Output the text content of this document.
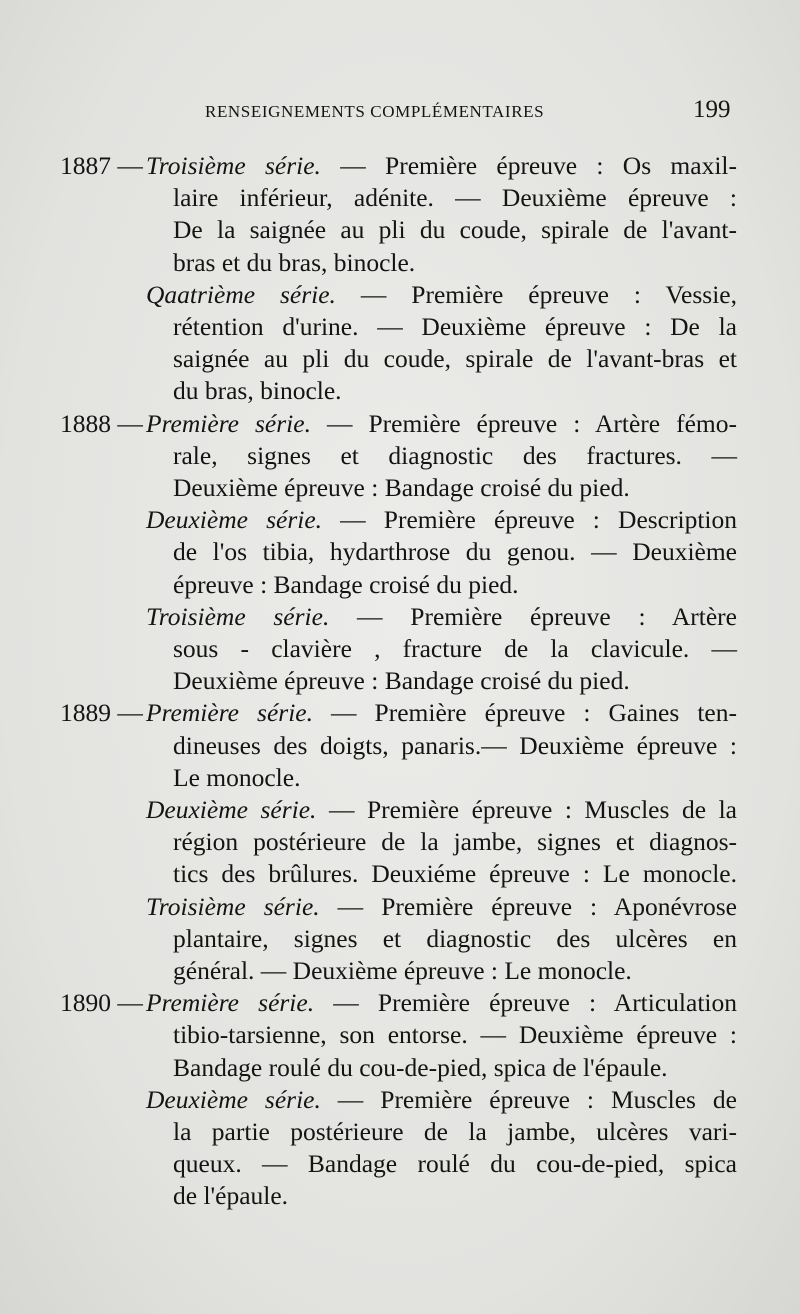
RENSEIGNEMENTS COMPLÉMENTAIRES	199
1887 — Troisième série. — Première épreuve : Os maxil-
laire inférieur, adénite. — Deuxième épreuve :
De la saignée au pli du coude, spirale de l'avant-
bras et du bras, binocle.
Qaatrième série. — Première épreuve : Vessie,
rétention d'urine. — Deuxième épreuve : De la
saignée au pli du coude, spirale de l'avant-bras et
du bras, binocle.
1888 — Première série. — Première épreuve : Artère fémo-
rale, signes et diagnostic des fractures. —
Deuxième épreuve : Bandage croisé du pied.
Deuxième série. — Première épreuve : Description
de l'os tibia, hydarthrose du genou. — Deuxième
épreuve : Bandage croisé du pied.
Troisième série. — Première épreuve : Artère
sous - clavière , fracture de la clavicule. —
Deuxième épreuve : Bandage croisé du pied.
1889 — Première série. — Première épreuve : Gaines ten-
dineuses des doigts, panaris.— Deuxième épreuve :
Le monocle.
Deuxième série. — Première épreuve : Muscles de la
région postérieure de la jambe, signes et diagnos-
tics des brûlures. Deuxiéme épreuve : Le monocle.
Troisième série. — Première épreuve : Aponévrose
plantaire, signes et diagnostic des ulcères en
général. — Deuxième épreuve : Le monocle.
1890 — Première série. — Première épreuve : Articulation
tibio-tarsienne, son entorse. — Deuxième épreuve :
Bandage roulé du cou-de-pied, spica de l'épaule.
Deuxième série. — Première épreuve : Muscles de
la partie postérieure de la jambe, ulcères vari-
queux. — Bandage roulé du cou-de-pied, spica
de l'épaule.
